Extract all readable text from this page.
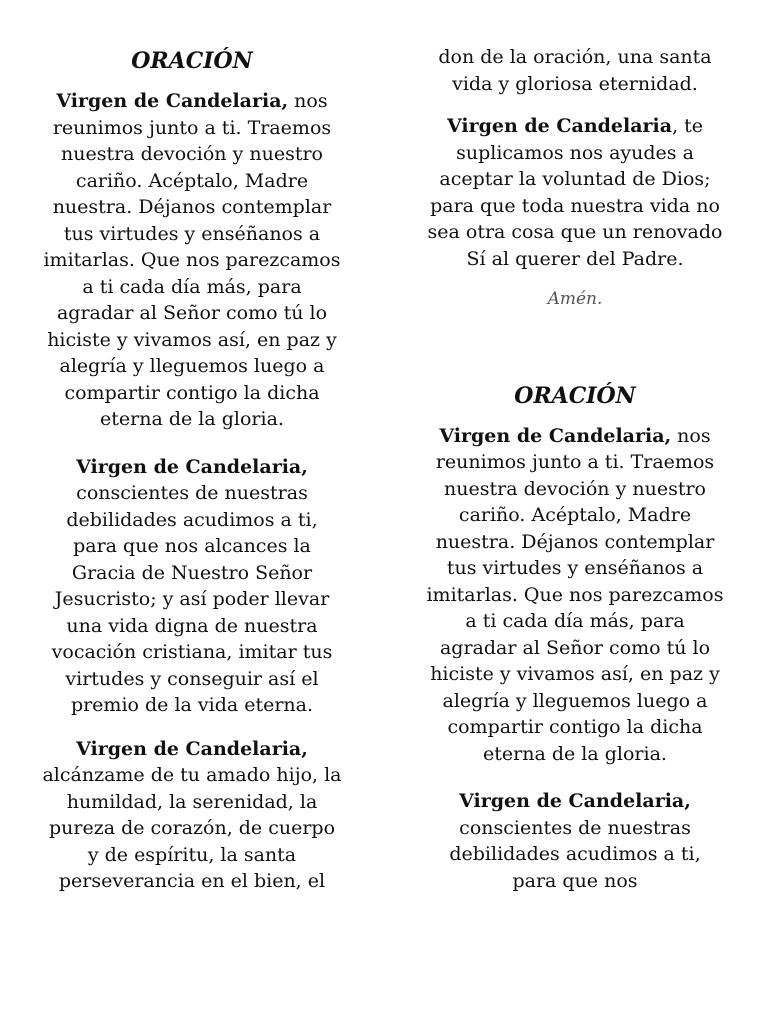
ORACIÓN

Virgen de Candelaria, nos reunimos junto a ti. Traemos nuestra devoción y nuestro cariño. Acéptalo, Madre nuestra. Déjanos contemplar tus virtudes y enséñanos a imitarlas. Que nos parezcamos a ti cada día más, para agradar al Señor como tú lo hiciste y vivamos así, en paz y alegría y lleguemos luego a compartir contigo la dicha eterna de la gloria.

Virgen de Candelaria, conscientes de nuestras debilidades acudimos a ti, para que nos alcances la Gracia de Nuestro Señor Jesucristo; y así poder llevar una vida digna de nuestra vocación cristiana, imitar tus virtudes y conseguir así el premio de la vida eterna.

Virgen de Candelaria, alcánzame de tu amado hijo, la humildad, la serenidad, la pureza de corazón, de cuerpo y de espíritu, la santa perseverancia en el bien, el

don de la oración, una santa vida y gloriosa eternidad.

Virgen de Candelaria, te suplicamos nos ayudes a aceptar la voluntad de Dios; para que toda nuestra vida no sea otra cosa que un renovado Sí al querer del Padre.

Amén.

ORACIÓN

Virgen de Candelaria, nos reunimos junto a ti. Traemos nuestra devoción y nuestro cariño. Acéptalo, Madre nuestra. Déjanos contemplar tus virtudes y enséñanos a imitarlas. Que nos parezcamos a ti cada día más, para agradar al Señor como tú lo hiciste y vivamos así, en paz y alegría y lleguemos luego a compartir contigo la dicha eterna de la gloria.

Virgen de Candelaria, conscientes de nuestras debilidades acudimos a ti, para que nos
